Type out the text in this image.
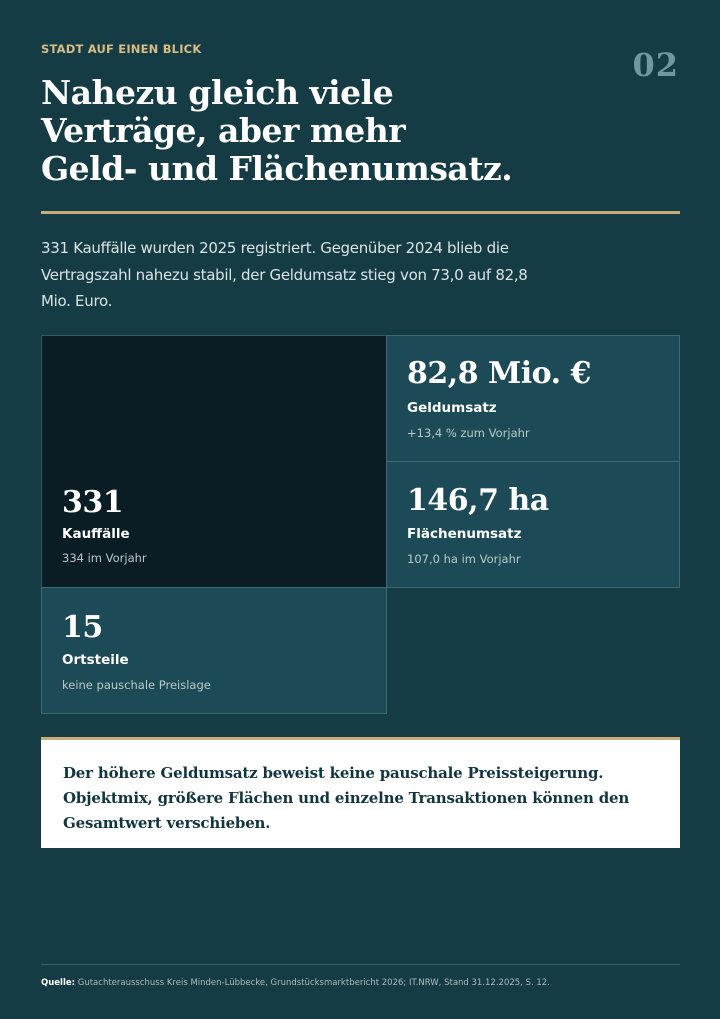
STADT AUF EINEN BLICK	02
Nahezu gleich viele
Verträge, aber mehr
Geld- und Flächenumsatz.
331 Kauffälle wurden 2025 registriert. Gegenüber 2024 blieb die Vertragszahl nahezu stabil, der Geldumsatz stieg von 73,0 auf 82,8 Mio. Euro.
331
Kauffälle
334 im Vorjahr
82,8 Mio. €
Geldumsatz
+13,4 % zum Vorjahr
146,7 ha
Flächenumsatz
107,0 ha im Vorjahr
15
Ortsteile
keine pauschale Preislage

Der höhere Geldumsatz beweist keine pauschale Preissteigerung. Objektmix, größere Flächen und einzelne Transaktionen können den Gesamtwert verschieben.

Quelle: Gutachterausschuss Kreis Minden-Lübbecke, Grundstücksmarktbericht 2026; IT.NRW, Stand 31.12.2025, S. 12.
